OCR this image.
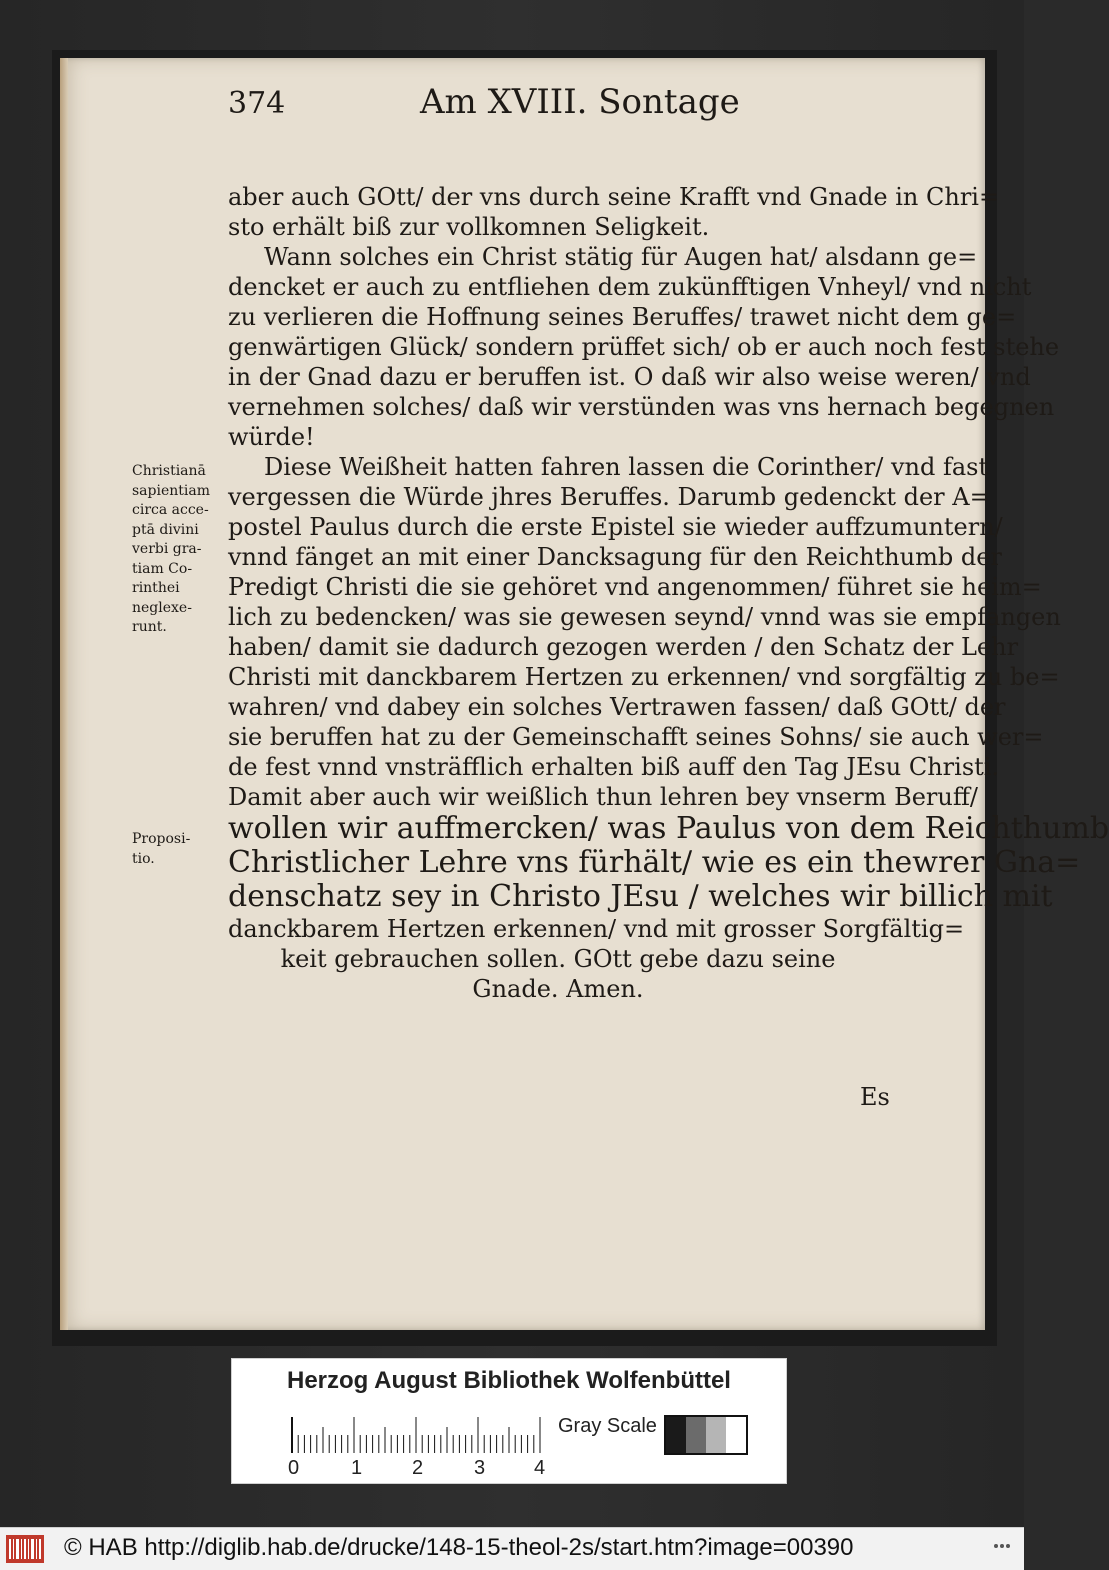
374	Am XVIII. Sontage
aber auch GOtt/ der vns durch seine Krafft vnd Gnade in Chri=
sto erhält biß zur vollkomnen Seligkeit.
Wann solches ein Christ stätig für Augen hat/ alsdann ge=
dencket er auch zu entfliehen dem zukünfftigen Vnheyl/ vnd nicht
zu verlieren die Hoffnung seines Beruffes/ trawet nicht dem ge=
genwärtigen Glück/ sondern prüffet sich/ ob er auch noch fest stehe
in der Gnad dazu er beruffen ist. O daß wir also weise weren/ vnd
vernehmen solches/ daß wir verstünden was vns hernach begegnen
würde!
Diese Weißheit hatten fahren lassen die Corinther/ vnd fast
vergessen die Würde jhres Beruffes. Darumb gedenckt der A=
postel Paulus durch die erste Epistel sie wieder auffzumuntern/
vnnd fänget an mit einer Dancksagung für den Reichthumb der
Predigt Christi die sie gehöret vnd angenommen/ führet sie heim=
lich zu bedencken/ was sie gewesen seynd/ vnnd was sie empfangen
haben/ damit sie dadurch gezogen werden / den Schatz der Lehr
Christi mit danckbarem Hertzen zu erkennen/ vnd sorgfältig zu be=
wahren/ vnd dabey ein solches Vertrawen fassen/ daß GOtt/ der
sie beruffen hat zu der Gemeinschafft seines Sohns/ sie auch wer=
de fest vnnd vnsträfflich erhalten biß auff den Tag JEsu Christi.
Damit aber auch wir weißlich thun lehren bey vnserm Beruff/
wollen wir auffmercken/ was Paulus von dem Reichthumb
Christlicher Lehre vns fürhält/ wie es ein thewrer Gna=
denschatz sey in Christo JEsu / welches wir billich mit
danckbarem Hertzen erkennen/ vnd mit grosser Sorgfältig=
keit gebrauchen sollen. GOtt gebe dazu seine
Gnade. Amen.
Christianā
sapientiam
circa acce-
ptā divini
verbi gra-
tiam Co-
rinthei
neglexe-
runt.
Proposi-
tio.
Es
Herzog August Bibliothek Wolfenbüttel
0	1 2	3 4
Gray Scale
© HAB http://diglib.hab.de/drucke/148-15-theol-2s/start.htm?image=00390
